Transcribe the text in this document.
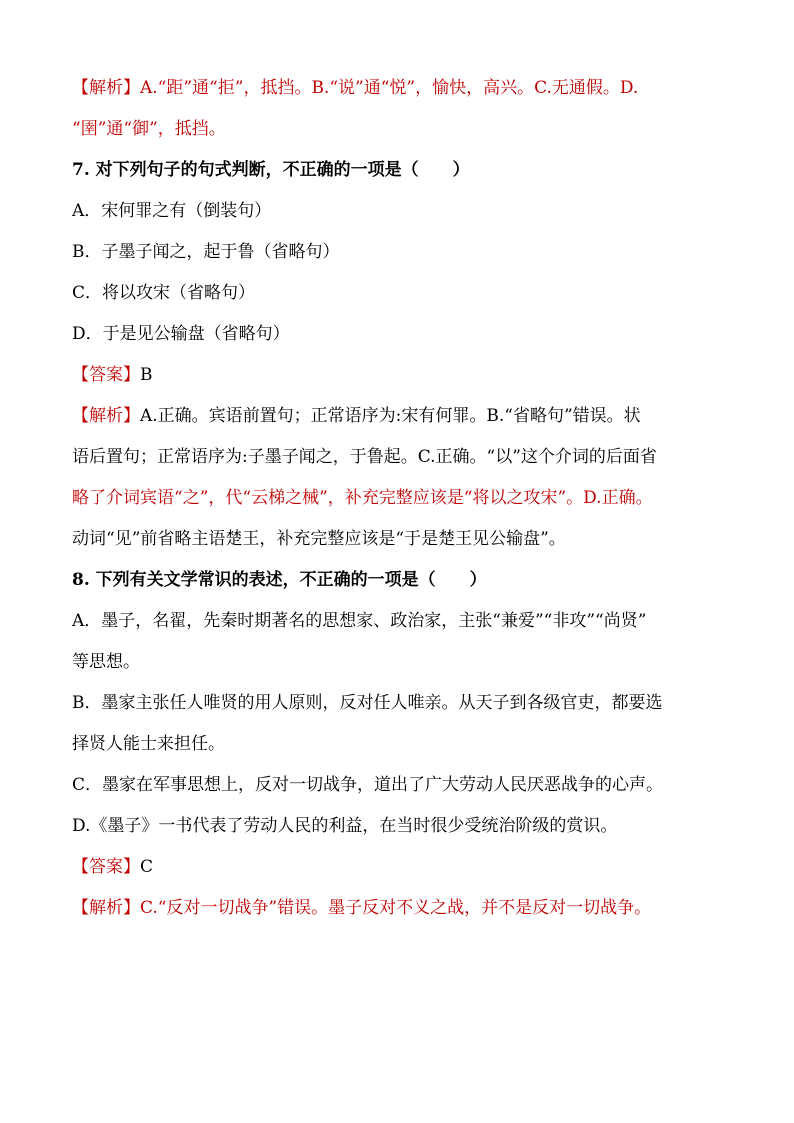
【解析】A.“距”通“拒”，抵挡。B.“说”通“悦”，愉快，高兴。C.无通假。D.

“圉”通“御”，抵挡。

7. 对下列句子的句式判断，不正确的一项是（　　）

A．宋何罪之有（倒装句）

B．子墨子闻之，起于鲁（省略句）

C．将以攻宋（省略句）

D．于是见公输盘（省略句）

【答案】B

【解析】A.正确。宾语前置句；正常语序为:宋有何罪。B.“省略句”错误。状

语后置句；正常语序为:子墨子闻之，于鲁起。C.正确。“以”这个介词的后面省

略了介词宾语“之”，代“云梯之械”，补充完整应该是“将以之攻宋”。D.正确。

动词“见”前省略主语楚王，补充完整应该是“于是楚王见公输盘”。

8. 下列有关文学常识的表述，不正确的一项是（　　）

A．墨子，名翟，先秦时期著名的思想家、政治家，主张“兼爱”“非攻”“尚贤”

等思想。

B．墨家主张任人唯贤的用人原则，反对任人唯亲。从天子到各级官吏，都要选

择贤人能士来担任。

C．墨家在军事思想上，反对一切战争，道出了广大劳动人民厌恶战争的心声。

D.《墨子》一书代表了劳动人民的利益，在当时很少受统治阶级的赏识。

【答案】C

【解析】C.“反对一切战争”错误。墨子反对不义之战，并不是反对一切战争。
